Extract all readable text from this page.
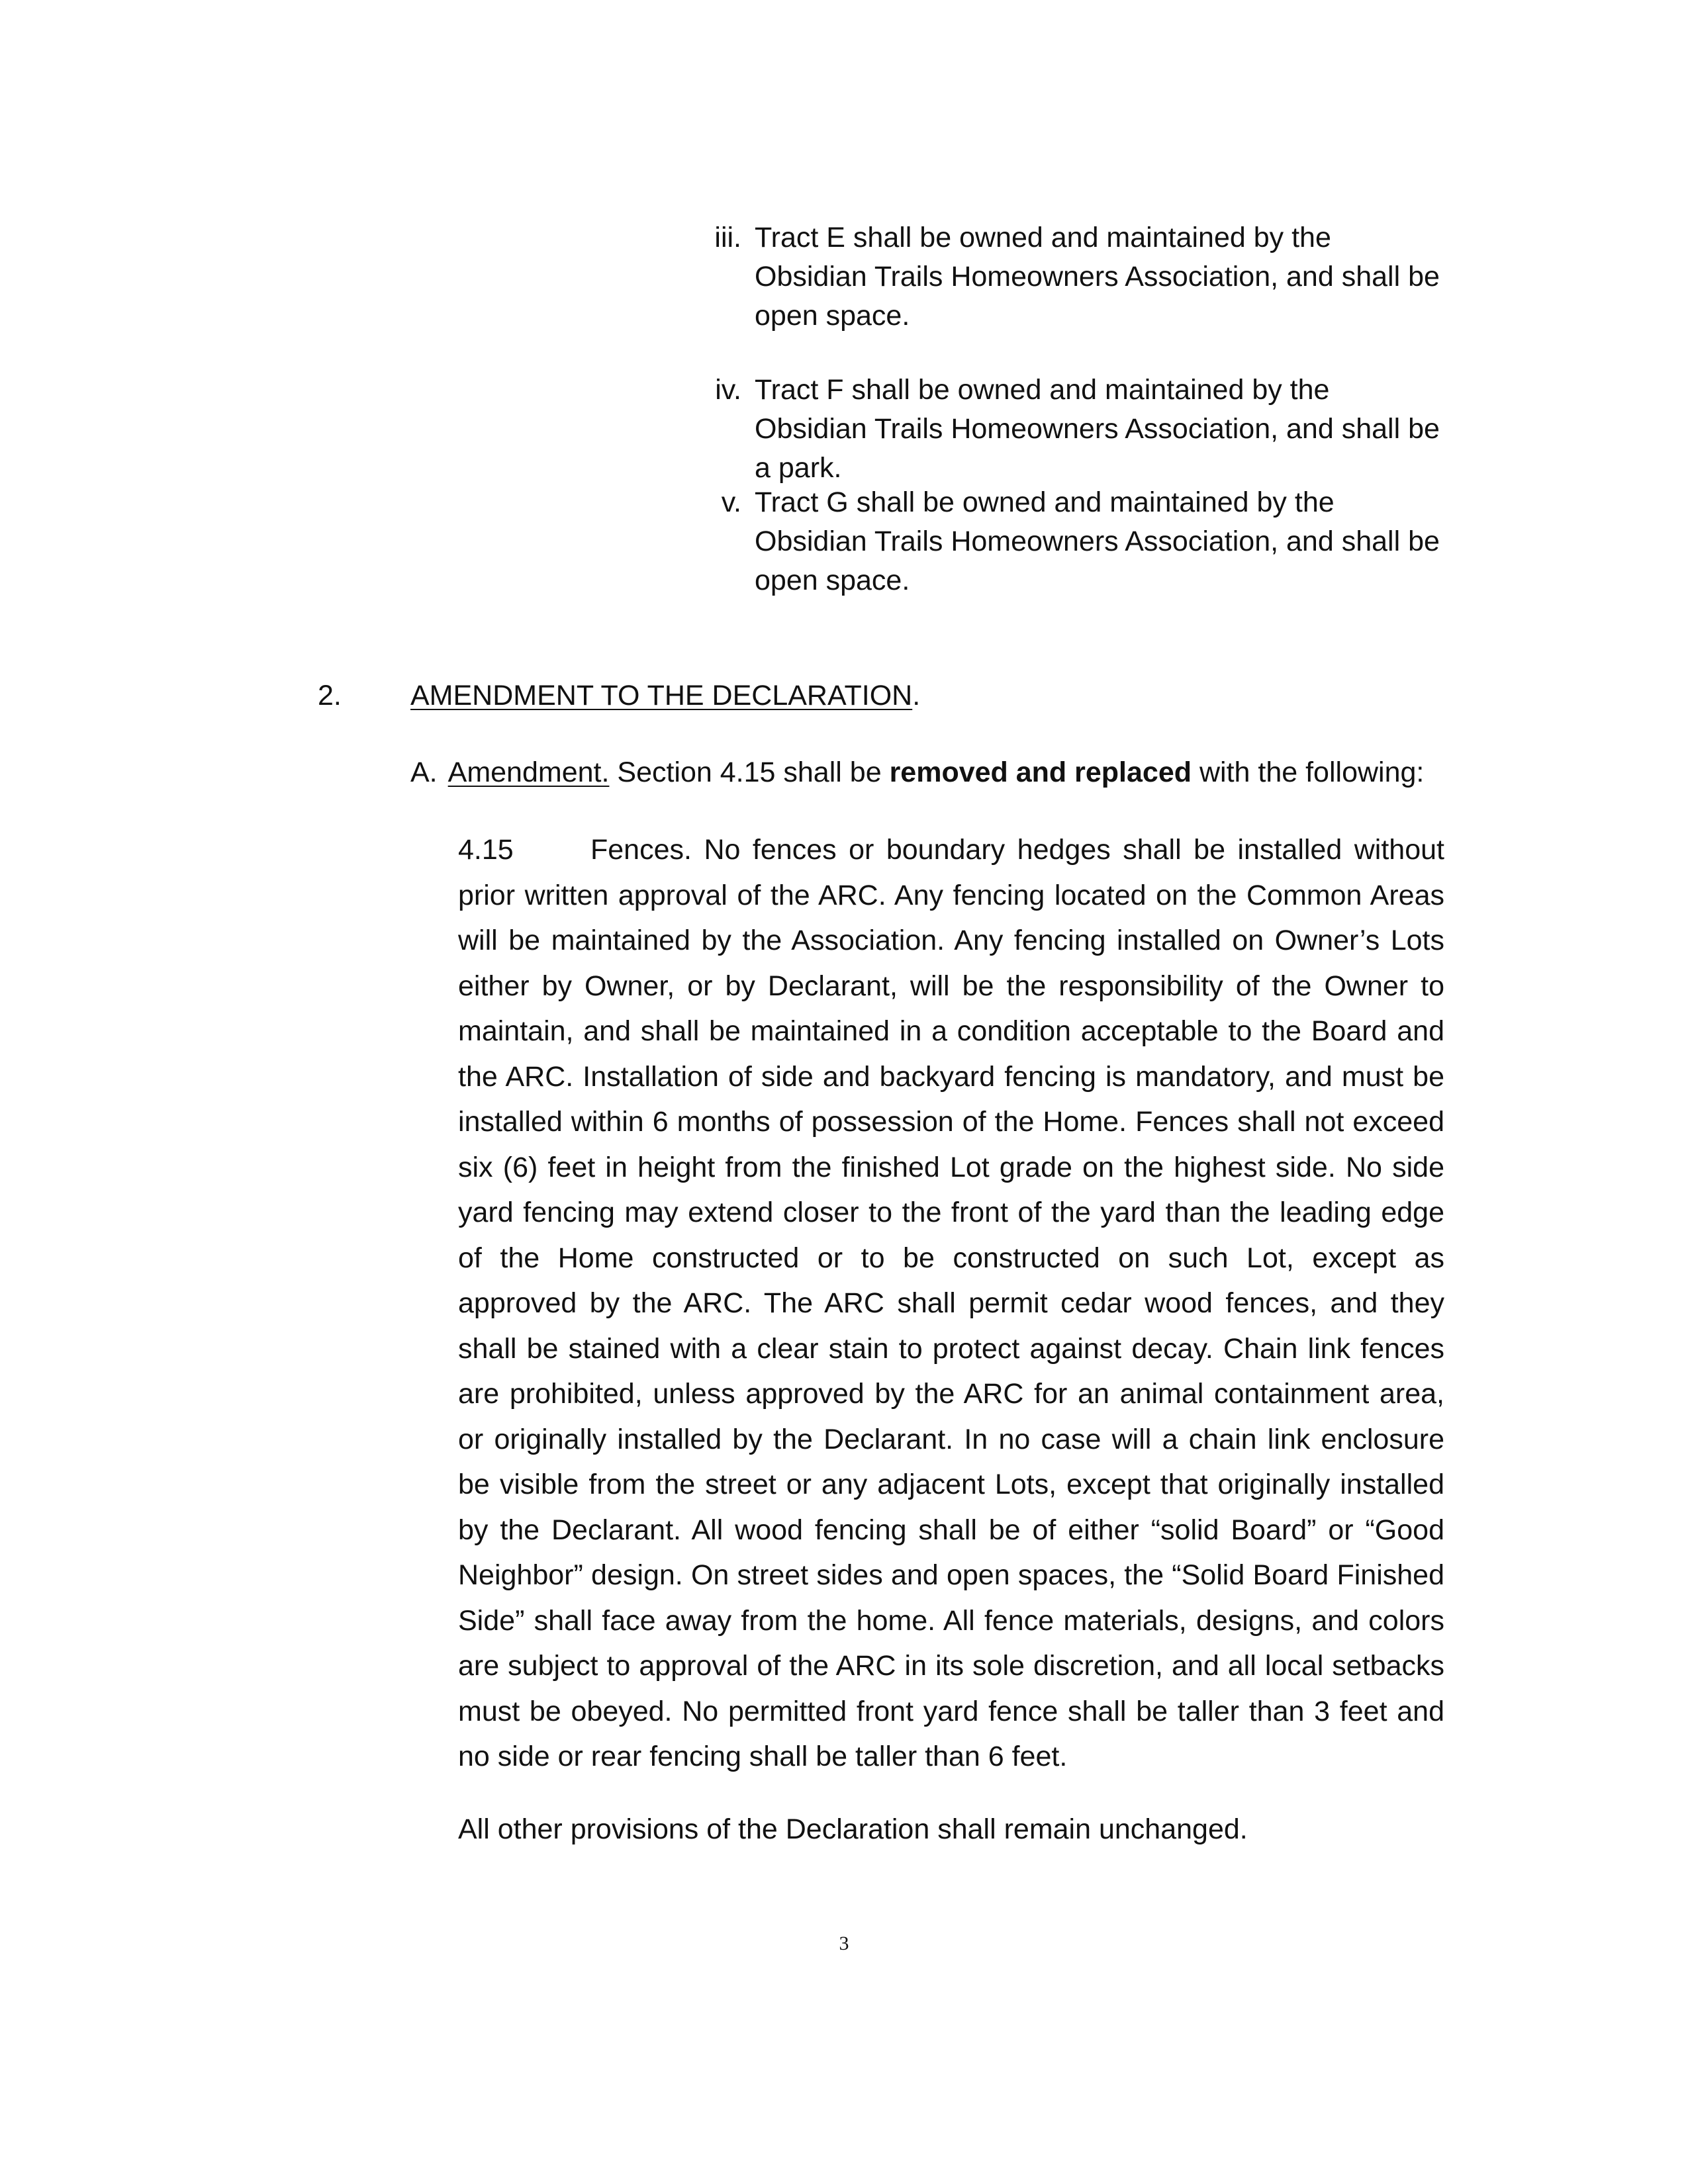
iii. Tract E shall be owned and maintained by the Obsidian Trails Homeowners Association, and shall be open space.
iv. Tract F shall be owned and maintained by the Obsidian Trails Homeowners Association, and shall be a park.
v. Tract G shall be owned and maintained by the Obsidian Trails Homeowners Association, and shall be open space.
2. AMENDMENT TO THE DECLARATION.
A. Amendment. Section 4.15 shall be removed and replaced with the following:
4.15	Fences. No fences or boundary hedges shall be installed without prior written approval of the ARC. Any fencing located on the Common Areas will be maintained by the Association. Any fencing installed on Owner’s Lots either by Owner, or by Declarant, will be the responsibility of the Owner to maintain, and shall be maintained in a condition acceptable to the Board and the ARC. Installation of side and backyard fencing is mandatory, and must be installed within 6 months of possession of the Home. Fences shall not exceed six (6) feet in height from the finished Lot grade on the highest side. No side yard fencing may extend closer to the front of the yard than the leading edge of the Home constructed or to be constructed on such Lot, except as approved by the ARC. The ARC shall permit cedar wood fences, and they shall be stained with a clear stain to protect against decay. Chain link fences are prohibited, unless approved by the ARC for an animal containment area, or originally installed by the Declarant. In no case will a chain link enclosure be visible from the street or any adjacent Lots, except that originally installed by the Declarant. All wood fencing shall be of either “solid Board” or “Good Neighbor” design. On street sides and open spaces, the “Solid Board Finished Side” shall face away from the home. All fence materials, designs, and colors are subject to approval of the ARC in its sole discretion, and all local setbacks must be obeyed. No permitted front yard fence shall be taller than 3 feet and no side or rear fencing shall be taller than 6 feet.
All other provisions of the Declaration shall remain unchanged.
3
